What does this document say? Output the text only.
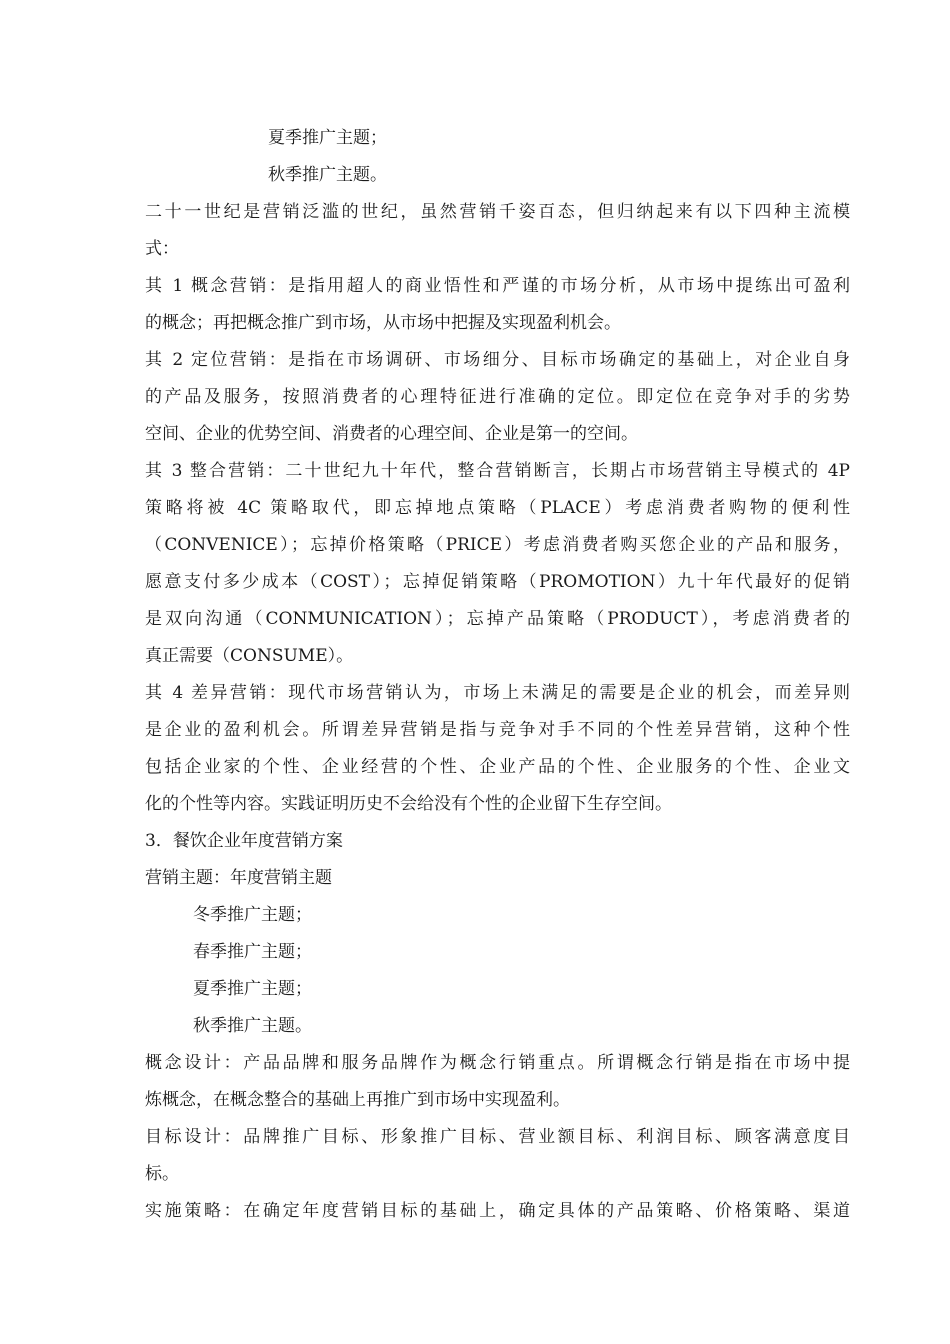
夏季推广主题；
秋季推广主题。
二十一世纪是营销泛滥的世纪，虽然营销千姿百态，但归纳起来有以下四种主流模
式：
其 1 概念营销：是指用超人的商业悟性和严谨的市场分析，从市场中提练出可盈利
的概念；再把概念推广到市场，从市场中把握及实现盈利机会。
其 2 定位营销：是指在市场调研、市场细分、目标市场确定的基础上，对企业自身
的产品及服务，按照消费者的心理特征进行准确的定位。即定位在竞争对手的劣势
空间、企业的优势空间、消费者的心理空间、企业是第一的空间。
其 3 整合营销：二十世纪九十年代，整合营销断言，长期占市场营销主导模式的 4P
策略将被 4C 策略取代，即忘掉地点策略（PLACE）考虑消费者购物的便利性
（CONVENICE）；忘掉价格策略（PRICE）考虑消费者购买您企业的产品和服务，
愿意支付多少成本（COST）；忘掉促销策略（PROMOTION）九十年代最好的促销
是双向沟通（CONMUNICATION）；忘掉产品策略（PRODUCT），考虑消费者的
真正需要（CONSUME）。
其 4 差异营销：现代市场营销认为，市场上未满足的需要是企业的机会，而差异则
是企业的盈利机会。所谓差异营销是指与竞争对手不同的个性差异营销，这种个性
包括企业家的个性、企业经营的个性、企业产品的个性、企业服务的个性、企业文
化的个性等内容。实践证明历史不会给没有个性的企业留下生存空间。
3．餐饮企业年度营销方案
营销主题：年度营销主题
冬季推广主题；
春季推广主题；
夏季推广主题；
秋季推广主题。
概念设计：产品品牌和服务品牌作为概念行销重点。所谓概念行销是指在市场中提
炼概念，在概念整合的基础上再推广到市场中实现盈利。
目标设计：品牌推广目标、形象推广目标、营业额目标、利润目标、顾客满意度目
标。
实施策略：在确定年度营销目标的基础上，确定具体的产品策略、价格策略、渠道
